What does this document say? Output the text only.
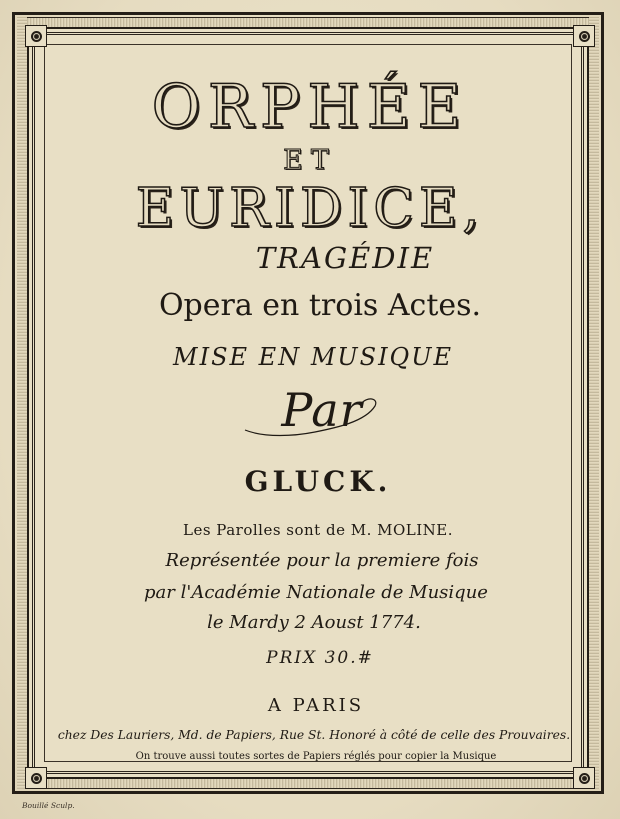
ORPHÉE
ET
EURIDICE,
TRAGÉDIE
Opera en trois Actes.
MISE EN MUSIQUE
Par
GLUCK.
Les Parolles sont de M. MOLINE.
Représentée pour la premiere fois
par l'Académie Nationale de Musique
le Mardy 2 Aoust 1774.
PRIX 30.#
A PARIS
chez Des Lauriers, Md. de Papiers, Rue St. Honoré à côté de celle des Prouvaires.
On trouve aussi toutes sortes de Papiers réglés pour copier la Musique
Bouillé Sculp.
